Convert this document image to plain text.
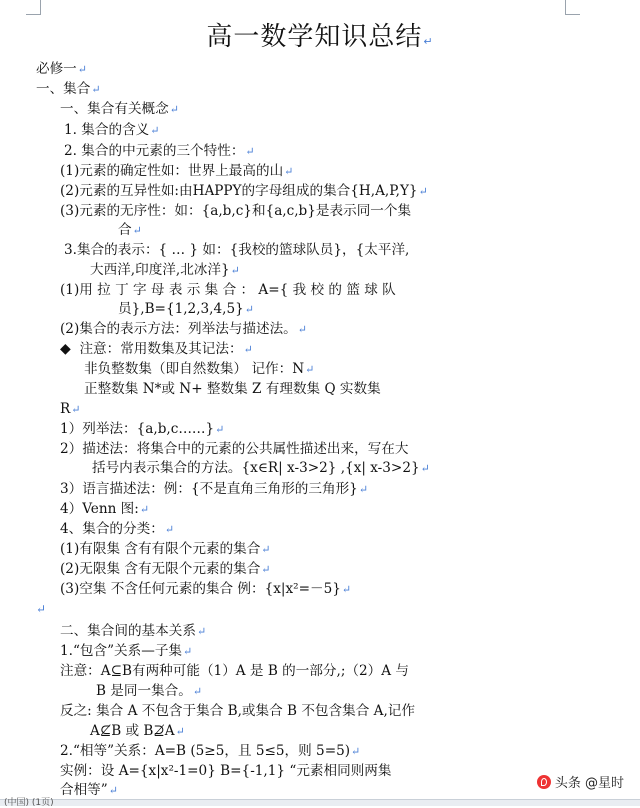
高一数学知识总结↵
必修一↵
一、集合↵
一、集合有关概念↵
1. 集合的含义↵
2. 集合的中元素的三个特性：↵
(1)元素的确定性如：世界上最高的山↵
(2)元素的互异性如:由HAPPY的字母组成的集合{H,A,P,Y}↵
(3)元素的无序性：如：{a,b,c}和{a,c,b}是表示同一个集
合↵
3.集合的表示：{ … } 如：{我校的篮球队员}，{太平洋,
大西洋,印度洋,北冰洋}↵
(1)用 拉 丁 字 母 表 示 集 合 ： A={ 我 校 的 篮 球 队
员},B={1,2,3,4,5}↵
(2)集合的表示方法：列举法与描述法。↵
◆ 注意：常用数集及其记法：↵
非负整数集（即自然数集） 记作：N↵
正整数集 N*或 N+ 整数集 Z 有理数集 Q 实数集
R↵
1）列举法：{a,b,c……}↵
2）描述法：将集合中的元素的公共属性描述出来，写在大
括号内表示集合的方法。{x∈R| x-3>2} ,{x| x-3>2}↵
3）语言描述法：例：{不是直角三角形的三角形}↵
4）Venn 图:↵
4、集合的分类：↵
(1)有限集 含有有限个元素的集合↵
(2)无限集 含有无限个元素的集合↵
(3)空集 不含任何元素的集合 例：{x|x²=－5}↵
↵
二、集合间的基本关系↵
1.“包含”关系—子集↵
注意：A⊆B有两种可能（1）A 是 B 的一部分,;（2）A 与
B 是同一集合。↵
反之: 集合 A 不包含于集合 B,或集合 B 不包含集合 A,记作
A⊈B 或 B⊉A↵
2.“相等”关系：A=B (5≥5，且 5≤5，则 5=5)↵
实例：设 A={x|x²-1=0} B={-1,1} “元素相同则两集
合相等”↵	头条 @星时
(中国) (1页)
